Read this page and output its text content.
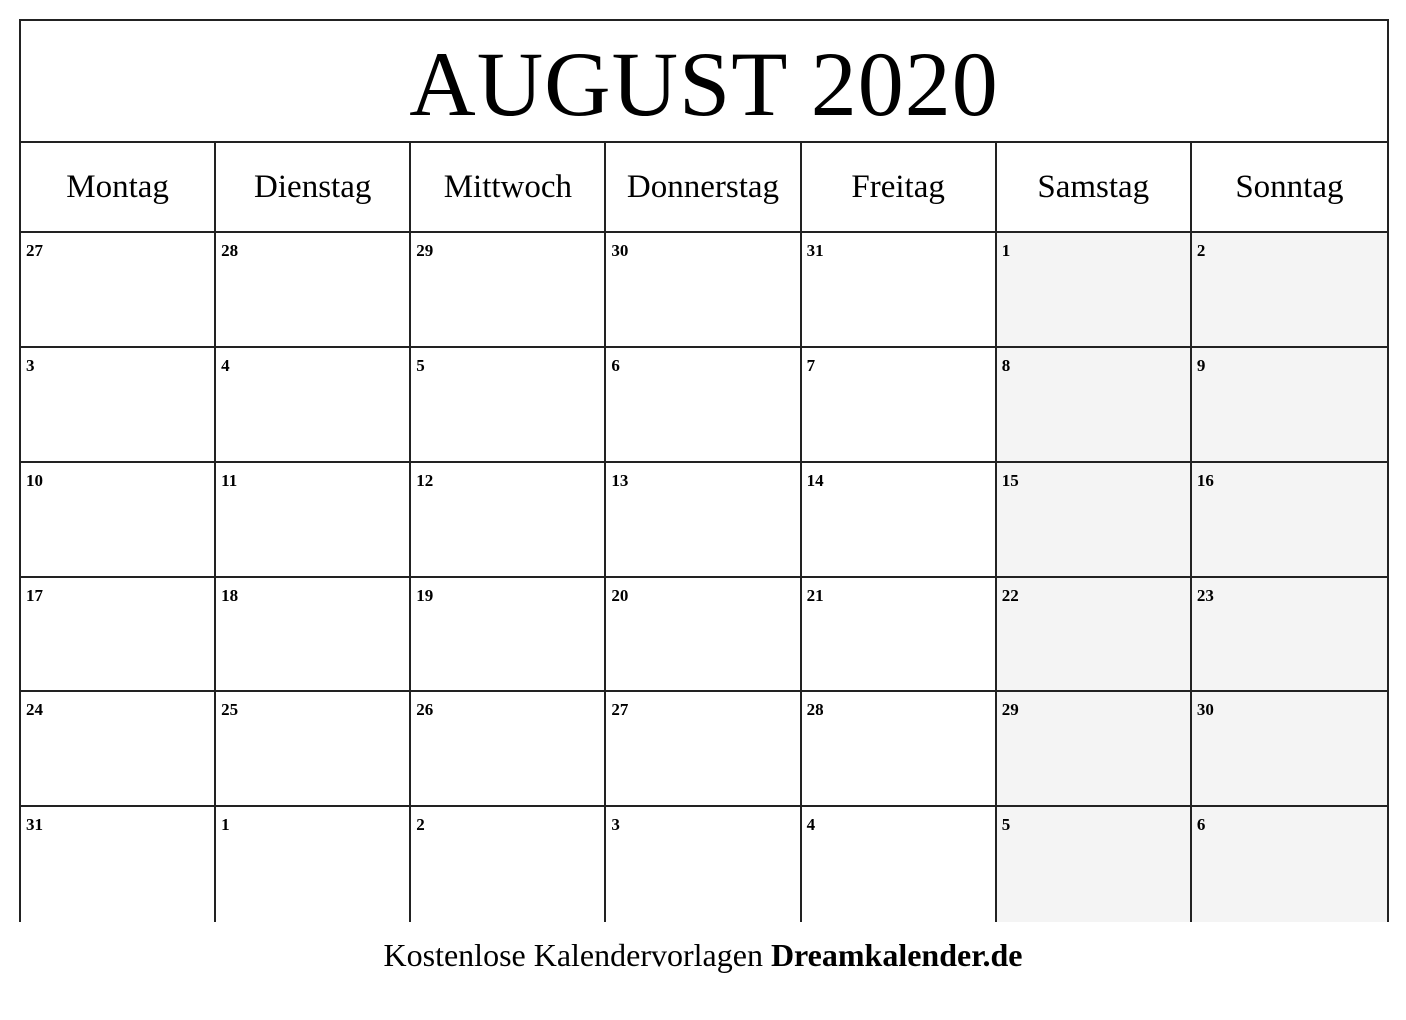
AUGUST 2020
Montag	Dienstag	Mittwoch	Donnerstag	Freitag	Samstag	Sonntag
27	28	29	30	31	1	2
3	4	5	6	7	8	9
10	11	12	13	14	15	16
17	18	19	20	21	22	23
24	25	26	27	28	29	30
31	1	2	3	4	5	6
Kostenlose Kalendervorlagen Dreamkalender.de
